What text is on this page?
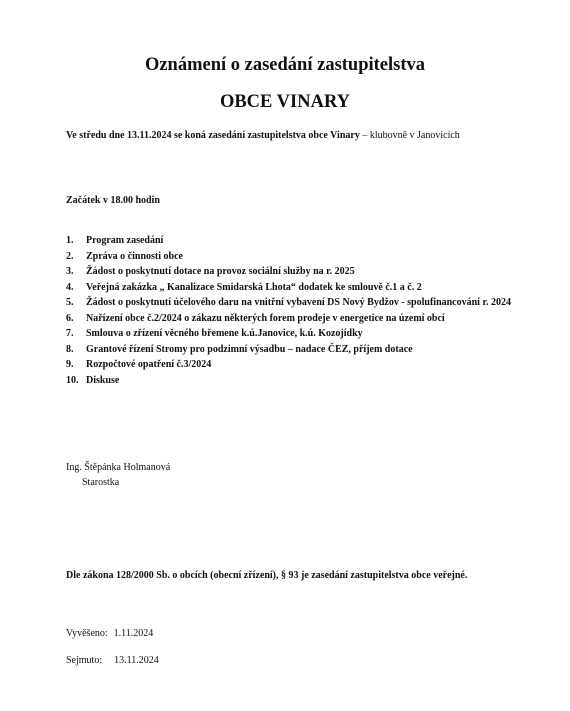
Oznámení o zasedání zastupitelstva
OBCE VINARY

Ve středu dne 13.11.2024 se koná zasedání zastupitelstva obce Vinary – klubovně v Janovicích

Začátek v 18.00 hodin

1.	Program zasedání
2.	Zpráva o činnosti obce
3.	Žádost o poskytnutí dotace na provoz sociální služby na r. 2025
4.	Veřejná zakázka „ Kanalizace Smidarská Lhota“ dodatek ke smlouvě č.1 a č. 2
5.	Žádost o poskytnutí účelového daru na vnitřní vybavení DS Nový Bydžov - spolufinancování r. 2024
6.	Nařízení obce č.2/2024 o zákazu některých forem prodeje v energetice na území obcí
7.	Smlouva o zřízení věcného břemene k.ú.Janovice, k.ú. Kozojídky
8.	Grantové řízení Stromy pro podzimní výsadbu – nadace ČEZ, příjem dotace
9.	Rozpočtové opatření č.3/2024
10. Diskuse

Ing. Štěpánka Holmanová

Starostka

Dle zákona 128/2000 Sb. o obcích (obecní zřízení), § 93 je zasedání zastupitelstva obce veřejné.

Vyvěšeno: 1.11.2024

Sejmuto: 13.11.2024
